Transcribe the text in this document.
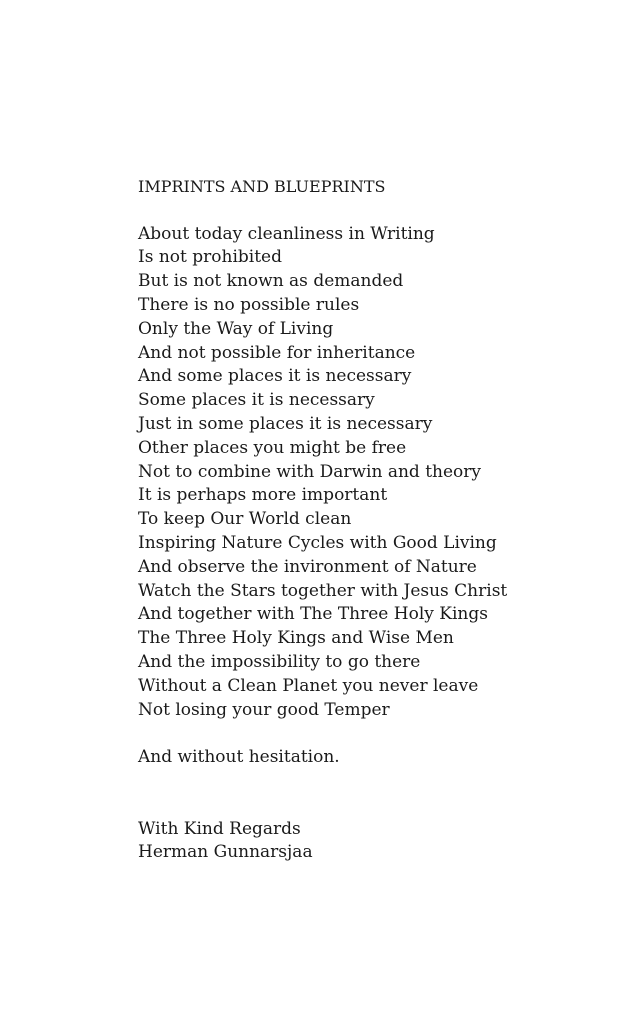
IMPRINTS AND BLUEPRINTS
About today cleanliness in Writing
Is not prohibited
But is not known as demanded
There is no possible rules
Only the Way of Living
And not possible for inheritance
And some places it is necessary
Some places it is necessary
Just in some places it is necessary
Other places you might be free
Not to combine with Darwin and theory
It is perhaps more important
To keep Our World clean
Inspiring Nature Cycles with Good Living
And observe the invironment of Nature
Watch the Stars together with Jesus Christ
And together with The Three Holy Kings
The Three Holy Kings and Wise Men
And the impossibility to go there
Without a Clean Planet you never leave
Not losing your good Temper
And without hesitation.
With Kind Regards
Herman Gunnarsjaa
